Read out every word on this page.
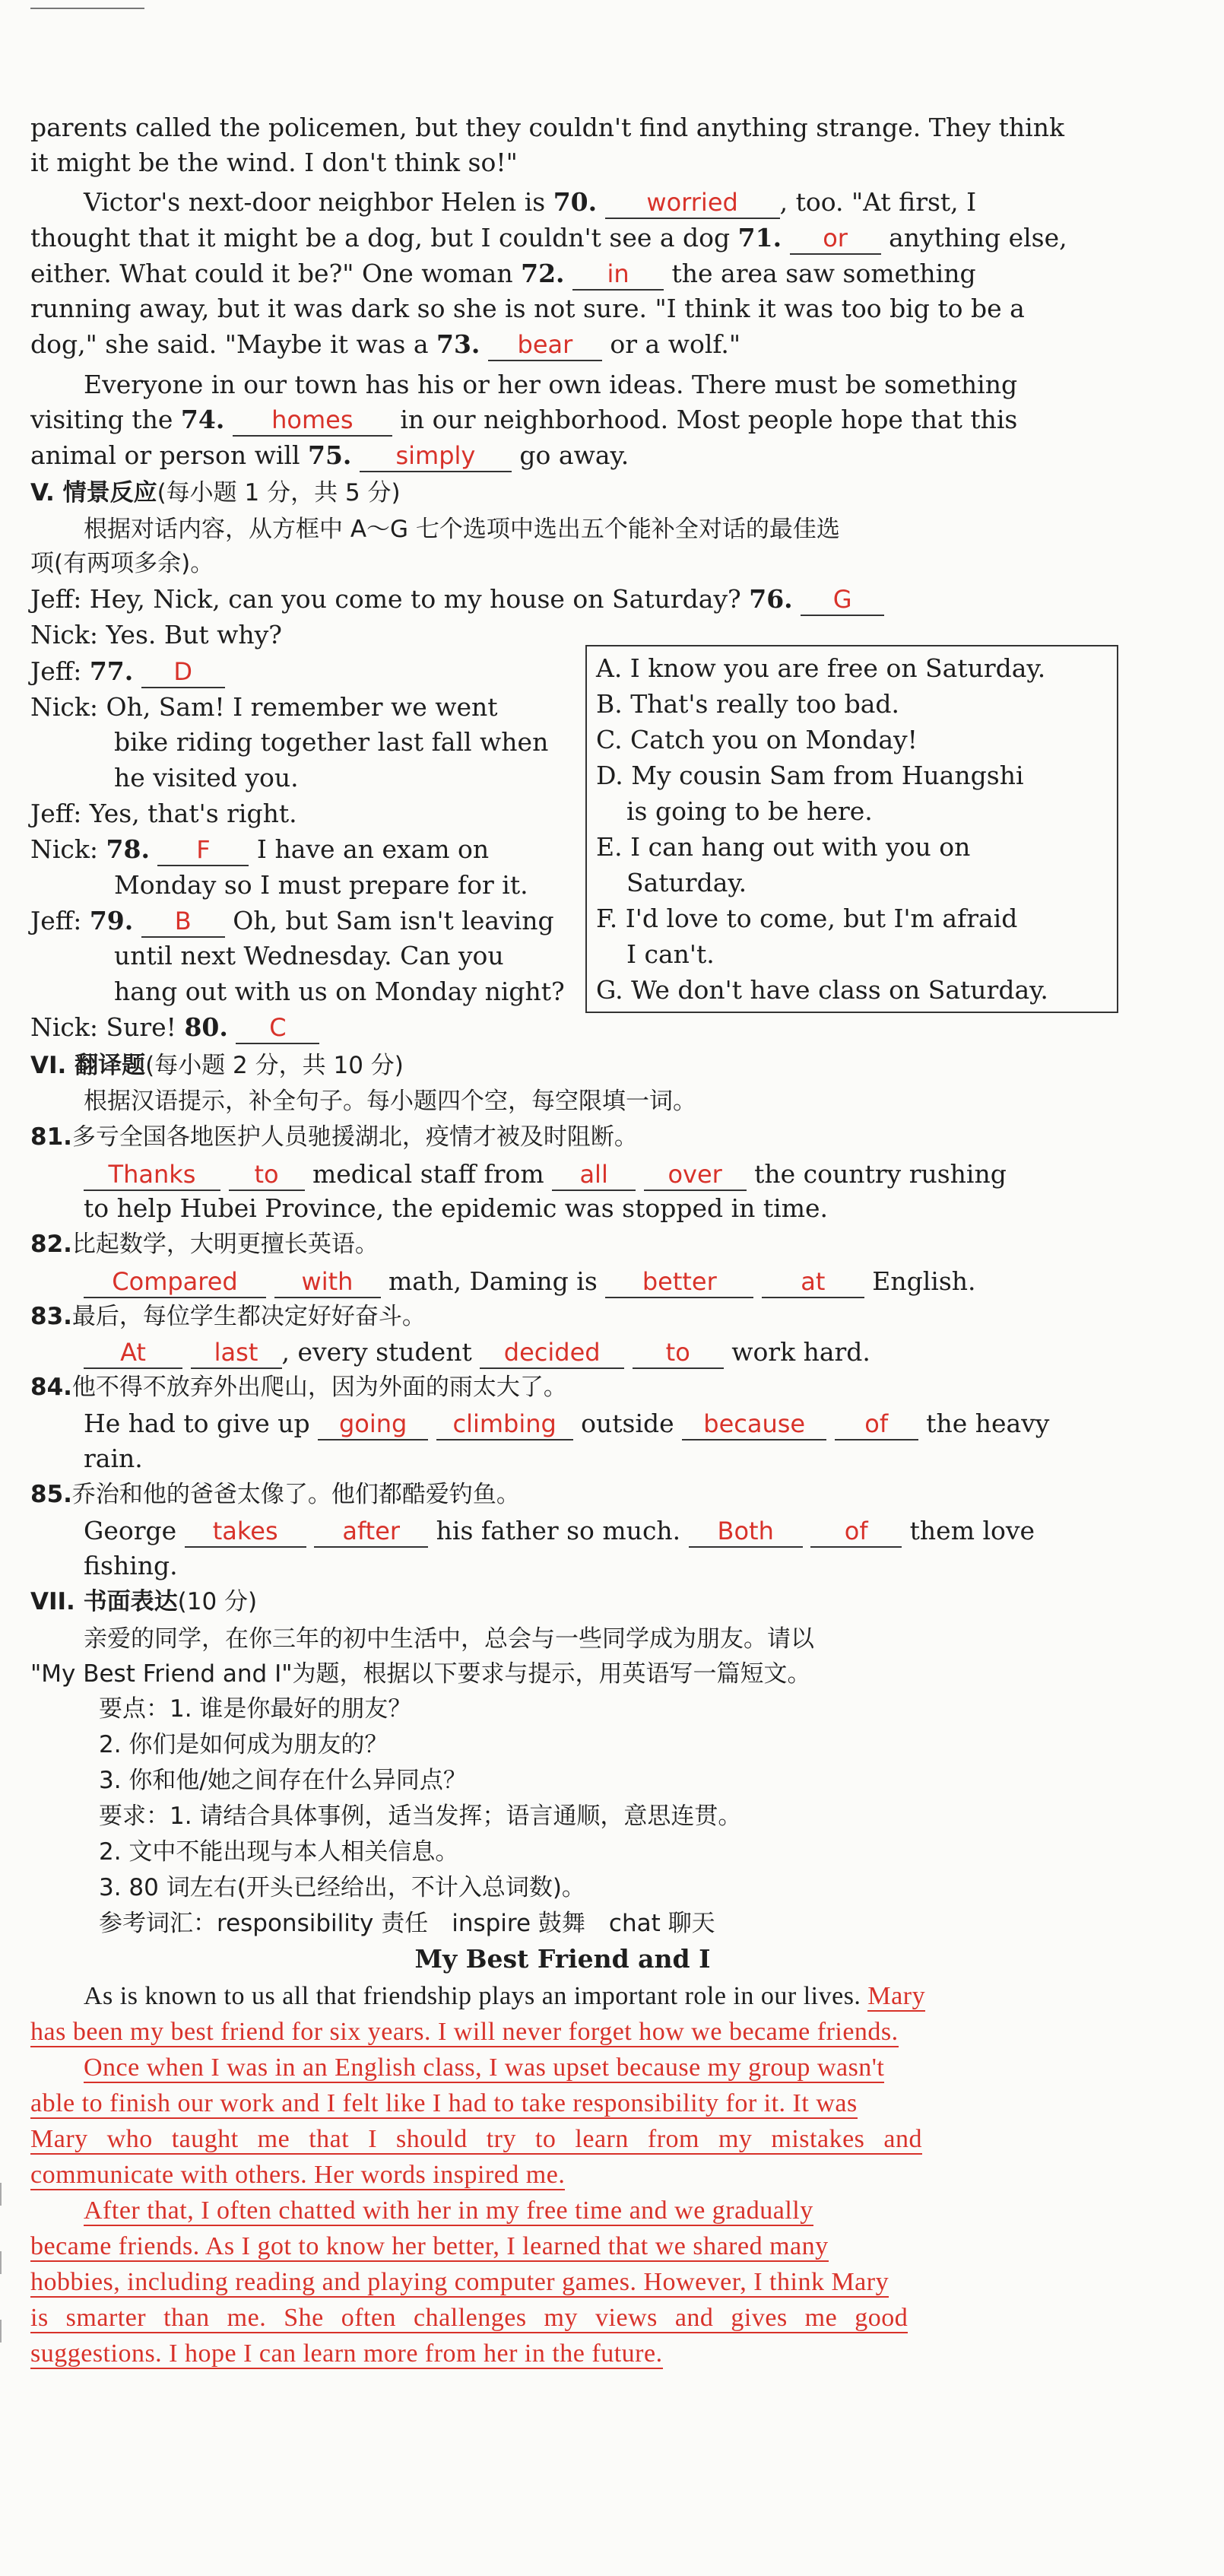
parents called the policemen, but they couldn't find anything strange. They think
it might be the wind. I don't think so!"
Victor's next-door neighbor Helen is 70. worried , too. "At first, I
thought that it might be a dog, but I couldn't see a dog 71. or anything else,
either. What could it be?" One woman 72. in the area saw something
running away, but it was dark so she is not sure. "I think it was too big to be a
dog," she said. "Maybe it was a 73. bear or a wolf."
Everyone in our town has his or her own ideas. There must be something
visiting the 74. homes in our neighborhood. Most people hope that this
animal or person will 75. simply go away.
V. 情景反应(每小题 1 分，共 5 分)
根据对话内容，从方框中 A～G 七个选项中选出五个能补全对话的最佳选
项(有两项多余)。
Jeff: Hey, Nick, can you come to my house on Saturday? 76. G
Nick: Yes. But why?
Jeff: 77. D
Nick: Oh, Sam! I remember we went
bike riding together last fall when
he visited you.
Jeff: Yes, that's right.
Nick: 78. F I have an exam on
Monday so I must prepare for it.
Jeff: 79. B Oh, but Sam isn't leaving
until next Wednesday. Can you
hang out with us on Monday night?
Nick: Sure! 80. C
A. I know you are free on Saturday.
B. That's really too bad.
C. Catch you on Monday!
D. My cousin Sam from Huangshi
is going to be here.
E. I can hang out with you on
Saturday.
F. I'd love to come, but I'm afraid
I can't.
G. We don't have class on Saturday.
VI. 翻译题(每小题 2 分，共 10 分)
根据汉语提示，补全句子。每小题四个空，每空限填一词。
81.多亏全国各地医护人员驰援湖北，疫情才被及时阻断。
Thanks to medical staff from all over the country rushing
to help Hubei Province, the epidemic was stopped in time.
82.比起数学，大明更擅长英语。
Compared	with math, Daming is better	at English.
83.最后，每位学生都决定好好奋斗。
At	last , every student decided	to work hard.
84.他不得不放弃外出爬山，因为外面的雨太大了。
He had to give up going climbing outside because of the heavy
rain.
85.乔治和他的爸爸太像了。他们都酷爱钓鱼。
George takes	after his father so much. Both	of them love
fishing.
VII. 书面表达(10 分)
亲爱的同学，在你三年的初中生活中，总会与一些同学成为朋友。请以
"My Best Friend and I"为题，根据以下要求与提示，用英语写一篇短文。
要点：1. 谁是你最好的朋友？
2. 你们是如何成为朋友的？
3. 你和他/她之间存在什么异同点？
要求：1. 请结合具体事例，适当发挥；语言通顺，意思连贯。
2. 文中不能出现与本人相关信息。
3. 80 词左右(开头已经给出，不计入总词数)。
参考词汇：responsibility 责任　inspire 鼓舞　chat 聊天
My Best Friend and I
As is known to us all that friendship plays an important role in our lives. Mary
has been my best friend for six years. I will never forget how we became friends.
Once when I was in an English class, I was upset because my group wasn't
able to finish our work and I felt like I had to take responsibility for it. It was
Mary who taught me that I should try to learn from my mistakes and
communicate with others. Her words inspired me.
After that, I often chatted with her in my free time and we gradually
became friends. As I got to know her better, I learned that we shared many
hobbies, including reading and playing computer games. However, I think Mary
is smarter than me. She often challenges my views and gives me good
suggestions. I hope I can learn more from her in the future.
